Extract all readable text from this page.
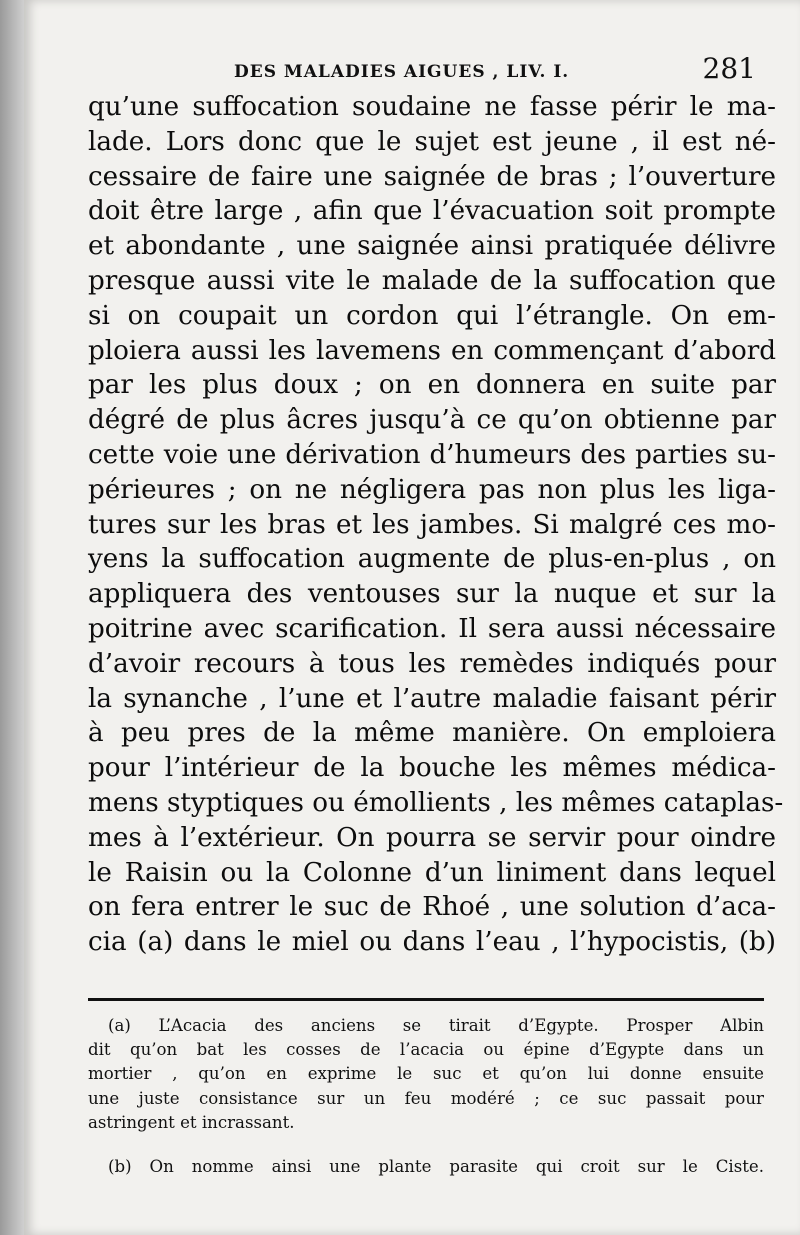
DES MALADIES AIGUES , LIV. I.	281
qu’une suffocation soudaine ne fasse périr le ma-
lade. Lors donc que le sujet est jeune , il est né-
cessaire de faire une saignée de bras ; l’ouverture
doit être large , afin que l’évacuation soit prompte
et abondante , une saignée ainsi pratiquée délivre
presque aussi vite le malade de la suffocation que
si on coupait un cordon qui l’étrangle. On em-
ploiera aussi les lavemens en commençant d’abord
par les plus doux ; on en donnera en suite par
dégré de plus âcres jusqu’à ce qu’on obtienne par
cette voie une dérivation d’humeurs des parties su-
périeures ; on ne négligera pas non plus les liga-
tures sur les bras et les jambes. Si malgré ces mo-
yens la suffocation augmente de plus-en-plus , on
appliquera des ventouses sur la nuque et sur la
poitrine avec scarification. Il sera aussi nécessaire
d’avoir recours à tous les remèdes indiqués pour
la synanche , l’une et l’autre maladie faisant périr
à peu pres de la même manière. On emploiera
pour l’intérieur de la bouche les mêmes médica-
mens styptiques ou émollients , les mêmes cataplas-
mes à l’extérieur. On pourra se servir pour oindre
le Raisin ou la Colonne d’un liniment dans lequel
on fera entrer le suc de Rhoé , une solution d’aca-
cia (a) dans le miel ou dans l’eau , l’hypocistis, (b)
(a) L’Acacia des anciens se tirait d’Egypte. Prosper Albin
dit qu’on bat les cosses de l’acacia ou épine d’Egypte dans un
mortier , qu’on en exprime le suc et qu’on lui donne ensuite
une juste consistance sur un feu modéré ; ce suc passait pour
astringent et incrassant.
(b) On nomme ainsi une plante parasite qui croit sur le Ciste.
